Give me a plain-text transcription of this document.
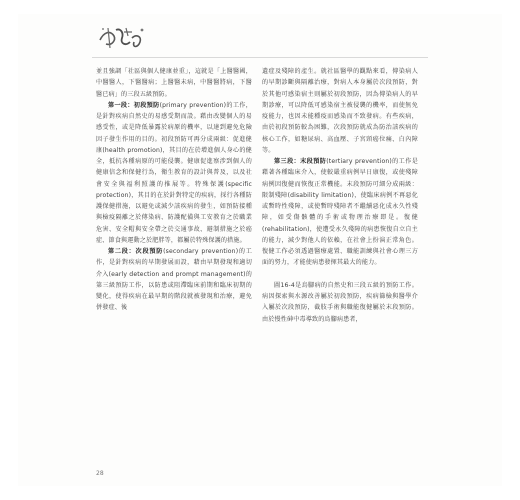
並且強調「社區與個人健康並重」，這就是「上醫醫國，中醫醫人，下醫醫病；上醫醫未病，中醫醫將病，下醫醫已病」的三段五級預防。

第一段：初段預防(primary prevention)的工作，是針對疾病自然史的易感受期而設。藉由改變個人的易感受性，或是降低暴露於病原的機率，以達到避免危險因子發生作用的目的。初段預防可再分成兩級：促進健康(health promotion)，其目的在於增進個人身心的健全，抵抗各種病原的可能侵襲。健康促進察涉到個人的健康信念和保健行為，衛生教育的設計與普及，以及社會安全與福利照護的推展等。特殊保護(specific protection)，其目的在於針對特定的疾病，採行各種防護保健措施，以避免或減少該疾病的發生，如預防接種與檢疫隔離之於傳染病、防護配備與工安教育之於職業危害、安全帽與安全帶之於交通事故、避制措施之於癌症、節食與運動之於肥胖等，都屬於特殊保護的措施。

第二段：次段預防(secondary prevention)的工作，是針對疾病的早期發展而設，藉由早期發現和適切介入(early detection and prompt management)的第三級預防工作，以防患或阻滯臨床前期和臨床初期的變化，使得疾病在最早期的階段就被發現和治療，避免併發症、後

遺症及殘障的產生。就社區醫學的觀點來看，傳染病人的早期診斷與隔離治療，對病人本身屬於次段預防，對於其他可感染宿主則屬於初段預防，因為傳染病人的早期診療，可以降低可感染宿主被侵襲的機率，而使無免疫能力，也因未能種疫而感染而不致發病。有些疾病，由於初段預防較為困難，次段預防就成為防治該疾病的核心工作，如糖尿病、高血壓、子宮頸癌位痛、白內障等。

第三段：末段預防(tertiary prevention)的工作是藉著各種臨床介入，使較嚴重病例早日康復，或使殘障病例因復健而恢復正常機能。末段預防可細分成兩級：限制殘障(disability limitation)，使臨床病例不再惡化或暫時性殘障，或使暫時殘障者不繼續惡化成永久性殘障，如受傷骸體的手術或物理治療即是。復健(rehabilitation)，使遭受永久殘障的病患恢復自立自主的能力，減少對他人的依賴，在社會上扮演正常角色。復健工作必須透過醫療處置、職能訓練與社會心理三方面的努力，才能使病患發揮其最大的能力。

圖16-4是烏腳病的自然史和三段五級的預防工作。病因探索與水源改善屬於初段預防，疾病篩檢與醫學介入屬於次段預防，截肢手術與職能復健屬於末段預防。由於慢性砷中毒導致的烏腳病患者，

28
